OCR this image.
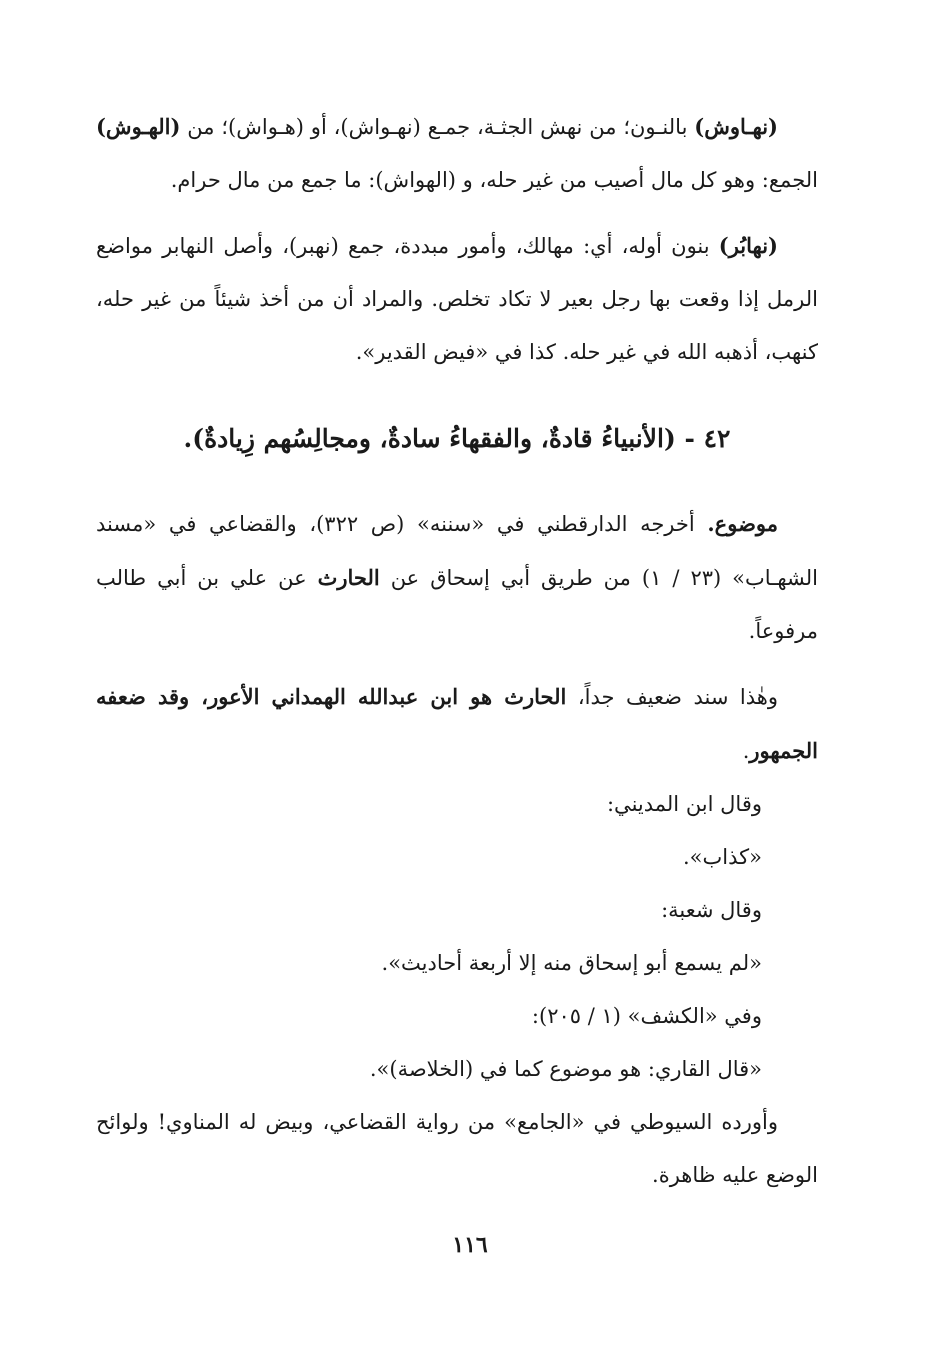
(نهـاوش) بالنـون؛ من نهش الجثـة، جمـع (نهـواش)، أو (هـواش)؛ من (الهـوش) الجمع: وهو كل مال أصيب من غير حله، و (الهواش): ما جمع من مال حرام.

(نهابُر) بنون أوله، أي: مهالك، وأمور مبددة، جمع (نهبر)، وأصل النهابر مواضع الرمل إذا وقعت بها رجل بعير لا تكاد تخلص. والمراد أن من أخذ شيئاً من غير حله، كنهب، أذهبه الله في غير حله. كذا في «فيض القدير».

٤٢ - (الأنبياءُ قادةٌ، والفقهاءُ سادةٌ، ومجالِسُهم زِيادةٌ).

موضوع. أخرجه الدارقطني في «سننه» (ص ٣٢٢)، والقضاعي في «مسند الشهـاب» (٢٣ / ١) من طريق أبي إسحاق عن الحارث عن علي بن أبي طالب مرفوعاً.

وهٰذا سند ضعيف جداً، الحارث هو ابن عبدالله الهمداني الأعور، وقد ضعفه الجمهور.

وقال ابن المديني:

«كذاب».

وقال شعبة:

«لم يسمع أبو إسحاق منه إلا أربعة أحاديث».

وفي «الكشف» (١ / ٢٠٥):

«قال القاري: هو موضوع كما في (الخلاصة)».

وأورده السيوطي في «الجامع» من رواية القضاعي، وبيض له المناوي! ولوائح الوضع عليه ظاهرة.

١١٦
